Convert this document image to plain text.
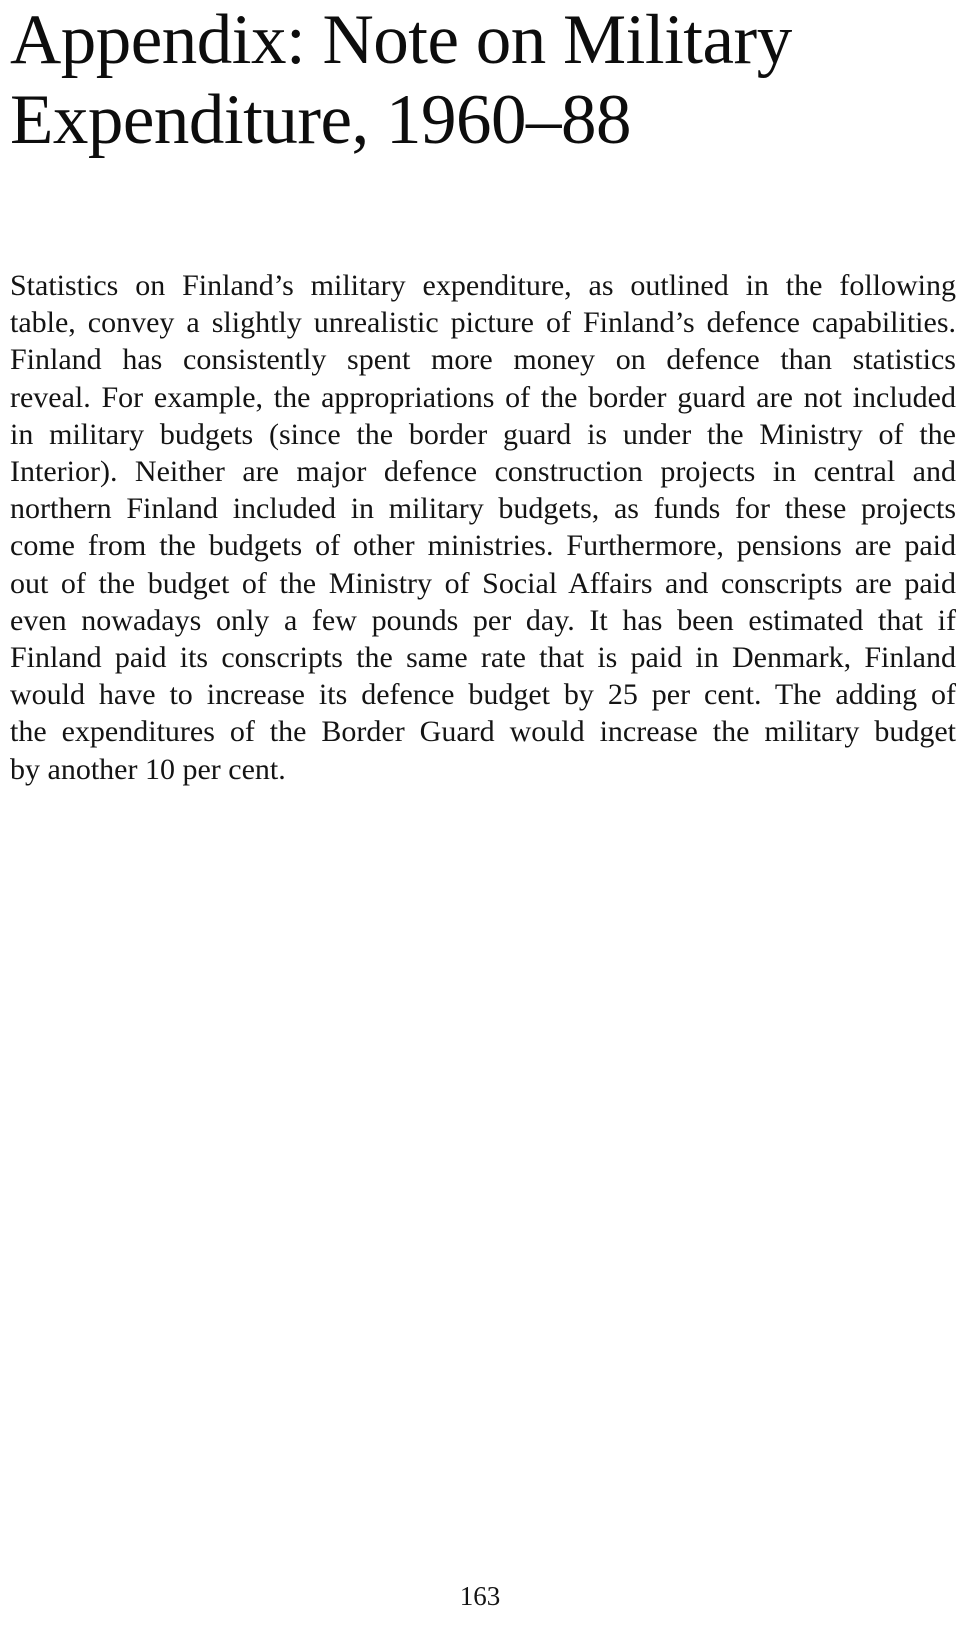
Appendix: Note on Military
Expenditure, 1960–88

Statistics on Finland’s military expenditure, as outlined in the following
table, convey a slightly unrealistic picture of Finland’s defence capabilities.
Finland has consistently spent more money on defence than statistics
reveal. For example, the appropriations of the border guard are not included
in military budgets (since the border guard is under the Ministry of the
Interior). Neither are major defence construction projects in central and
northern Finland included in military budgets, as funds for these projects
come from the budgets of other ministries. Furthermore, pensions are paid
out of the budget of the Ministry of Social Affairs and conscripts are paid
even nowadays only a few pounds per day. It has been estimated that if
Finland paid its conscripts the same rate that is paid in Denmark, Finland
would have to increase its defence budget by 25 per cent. The adding of
the expenditures of the Border Guard would increase the military budget
by another 10 per cent.

163
